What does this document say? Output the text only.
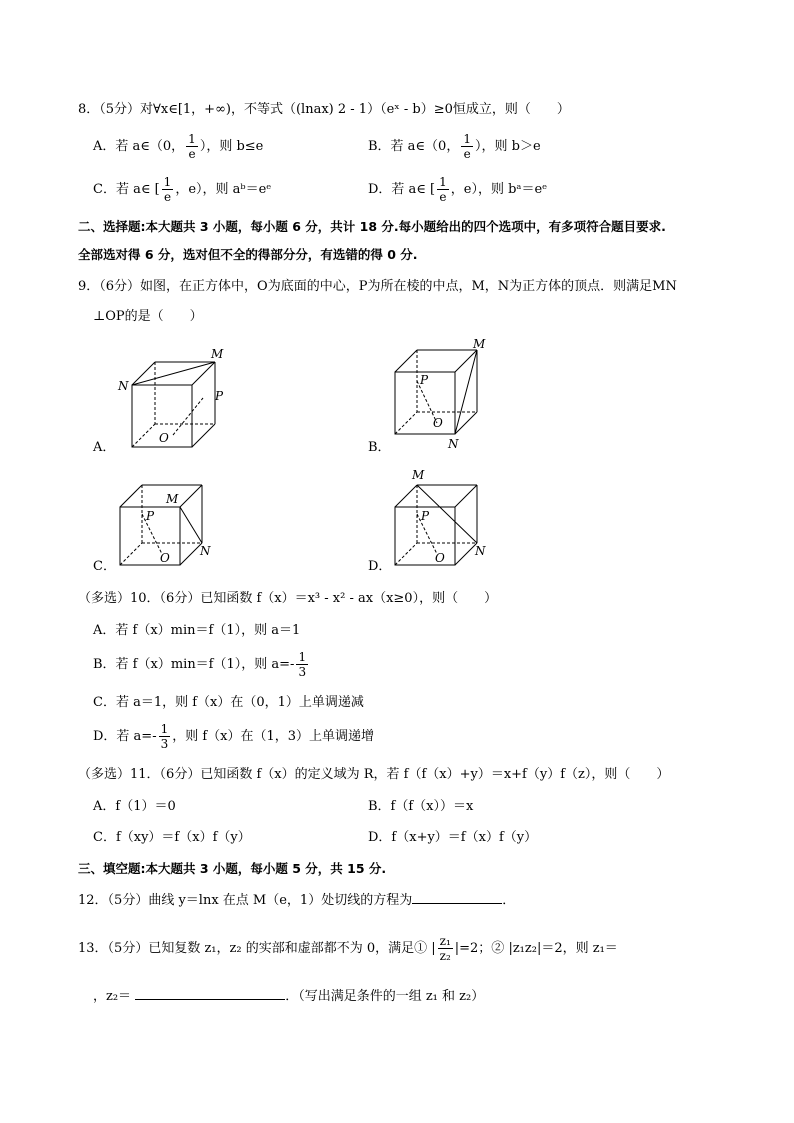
8．（5分）对∀x∈[1，+∞)，不等式（(lnax) 2 - 1）（eˣ - b）≥0恒成立，则（　　）
A．若 a∈（0， $\frac{1}{e}$ ），则 b≤e	B．若 a∈（0， $\frac{1}{e}$ ），则 b＞e
C．若 a∈ [ $\frac{1}{e}$ ，e），则 aᵇ＝eᵉ	D．若 a∈ [ $\frac{1}{e}$ ，e），则 bᵃ＝eᵉ
二、选择题:本大题共 3 小题，每小题 6 分，共计 18 分.每小题给出的四个选项中，有多项符合题目要求.
全部选对得 6 分，选对但不全的得部分分，有选错的得 0 分.
9．（6分）如图，在正方体中，O为底面的中心，P为所在棱的中点，M，N为正方体的顶点．则满足MN
⊥OP的是（　　）
A．
M
N
P
O
B．
M
N
P
O
C．
M
N
P
O
D．
M
N
P
O
（多选）10．（6分）已知函数 f（x）＝x³ - x² - ax（x≥0），则（　　）
A．若 f（x）min＝f（1），则 a＝1
B．若 f（x）min＝f（1），则 $a=- \frac{1}{3}$
C．若 a＝1，则 f（x）在（0，1）上单调递减
D．若 $a=- \frac{1}{3}$ ，则 f（x）在（1，3）上单调递增
（多选）11．（6分）已知函数 f（x）的定义域为 R，若 f（f（x）+y）＝x+f（y）f（z），则（　　）
A．f（1）＝0	B．f（f（x））＝x
C．f（xy）＝f（x）f（y）	D．f（x+y）＝f（x）f（y）
三、填空题:本大题共 3 小题，每小题 5 分，共 15 分.
12．（5分）曲线 y＝lnx 在点 M（e，1）处切线的方程为	．
13．（5分）已知复数 z₁，z₂ 的实部和虚部都不为 0，满足① | $\frac{\text{z₁}}{\text{z₂}} |=2$；② |z₁z₂|＝2，则 z₁＝
，z₂＝	．（写出满足条件的一组 z₁ 和 z₂）
